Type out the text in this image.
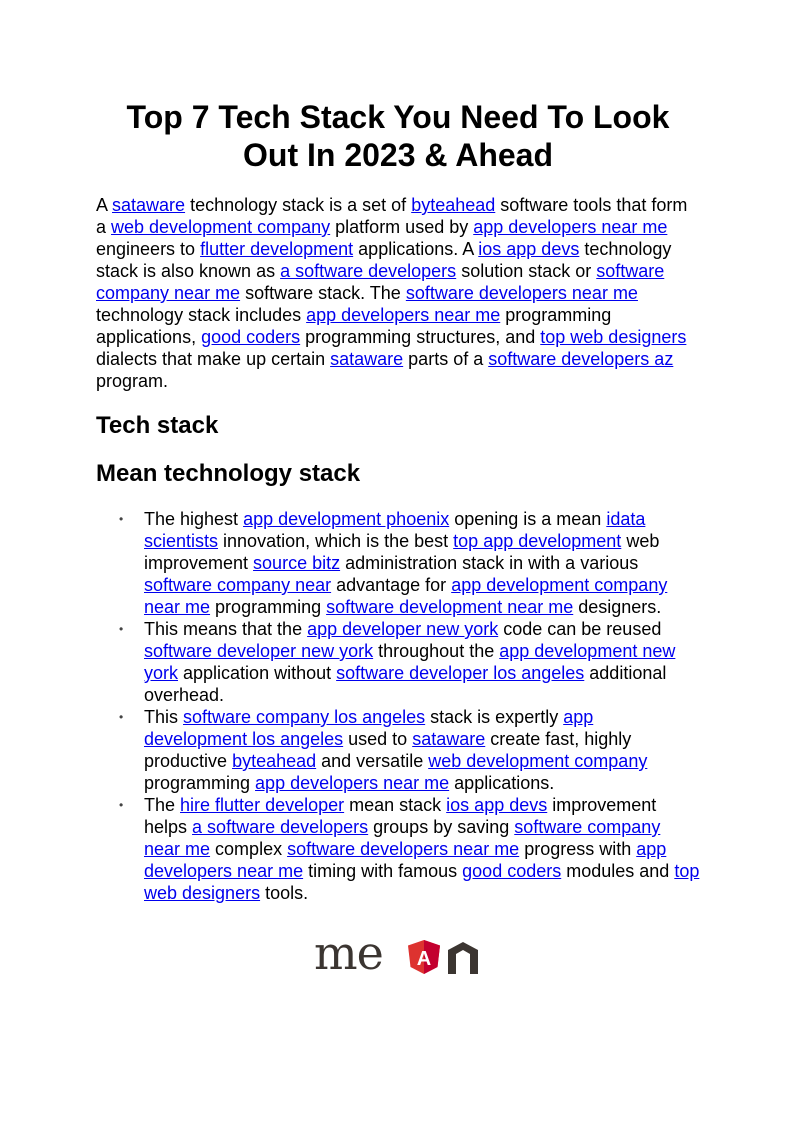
Top 7 Tech Stack You Need To Look Out In 2023 & Ahead

A sataware technology stack is a set of byteahead software tools that form a web development company platform used by app developers near me engineers to flutter development applications. A ios app devs technology stack is also known as a software developers solution stack or software company near me software stack. The software developers near me technology stack includes app developers near me programming applications, good coders programming structures, and top web designers dialects that make up certain sataware parts of a software developers az program.

Tech stack
Mean technology stack
• The highest app development phoenix opening is a mean idata scientists innovation, which is the best top app development web improvement source bitz administration stack in with a various software company near advantage for app development company near me programming software development near me designers.
• This means that the app developer new york code can be reused software developer new york throughout the app development new york application without software developer los angeles additional overhead.
• This software company los angeles stack is expertly app development los angeles used to sataware create fast, highly productive byteahead and versatile web development company programming app developers near me applications.
• The hire flutter developer mean stack ios app devs improvement helps a software developers groups by saving software company near me complex software developers near me progress with app developers near me timing with famous good coders modules and top web designers tools.
me A
